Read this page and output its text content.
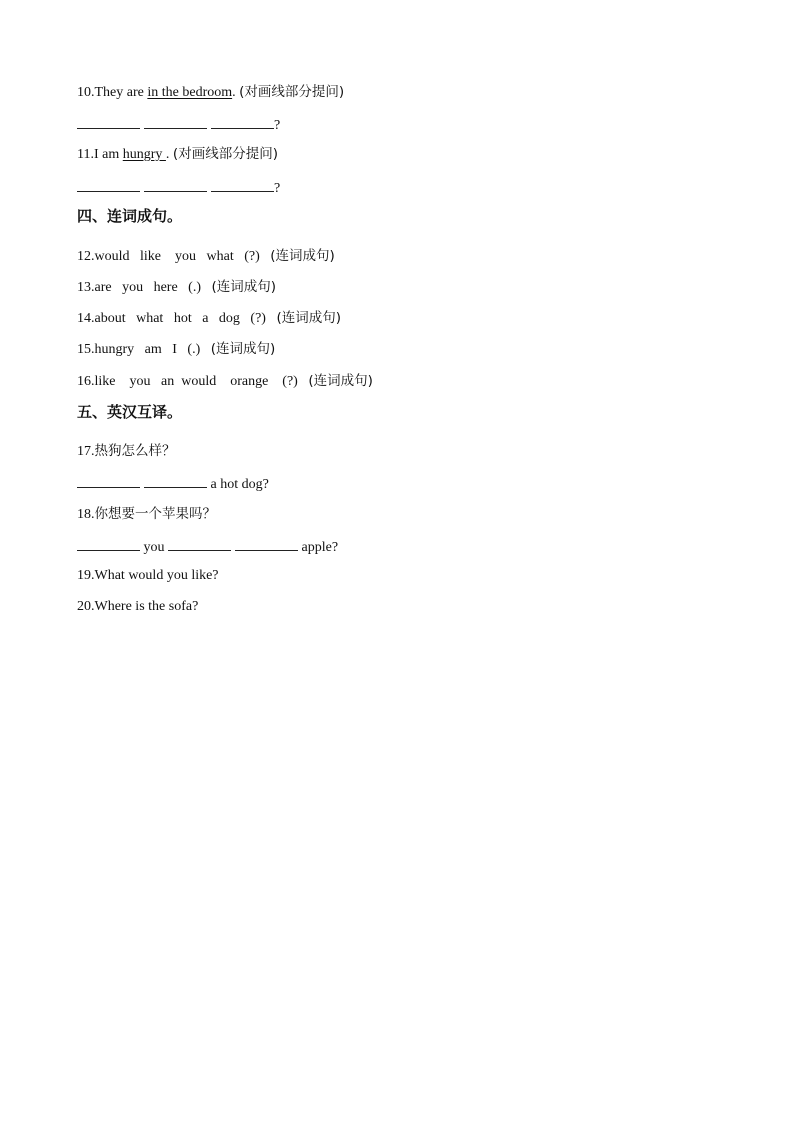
10.They are in the bedroom. (对画线部分提问)
?
11.I am hungry . (对画线部分提问)
?
四、连词成句。
12.would   like    you   what   (?)   (连词成句)
13.are   you   here   (.)   (连词成句)
14.about   what   hot   a   dog   (?)   (连词成句)
15.hungry   am   I   (.)   (连词成句)
16.like    you   an  would    orange    (?)   (连词成句)
五、英汉互译。
17.热狗怎么样？
a hot dog?
18.你想要一个苹果吗？
you	apple?
19.What would you like?
20.Where is the sofa?
